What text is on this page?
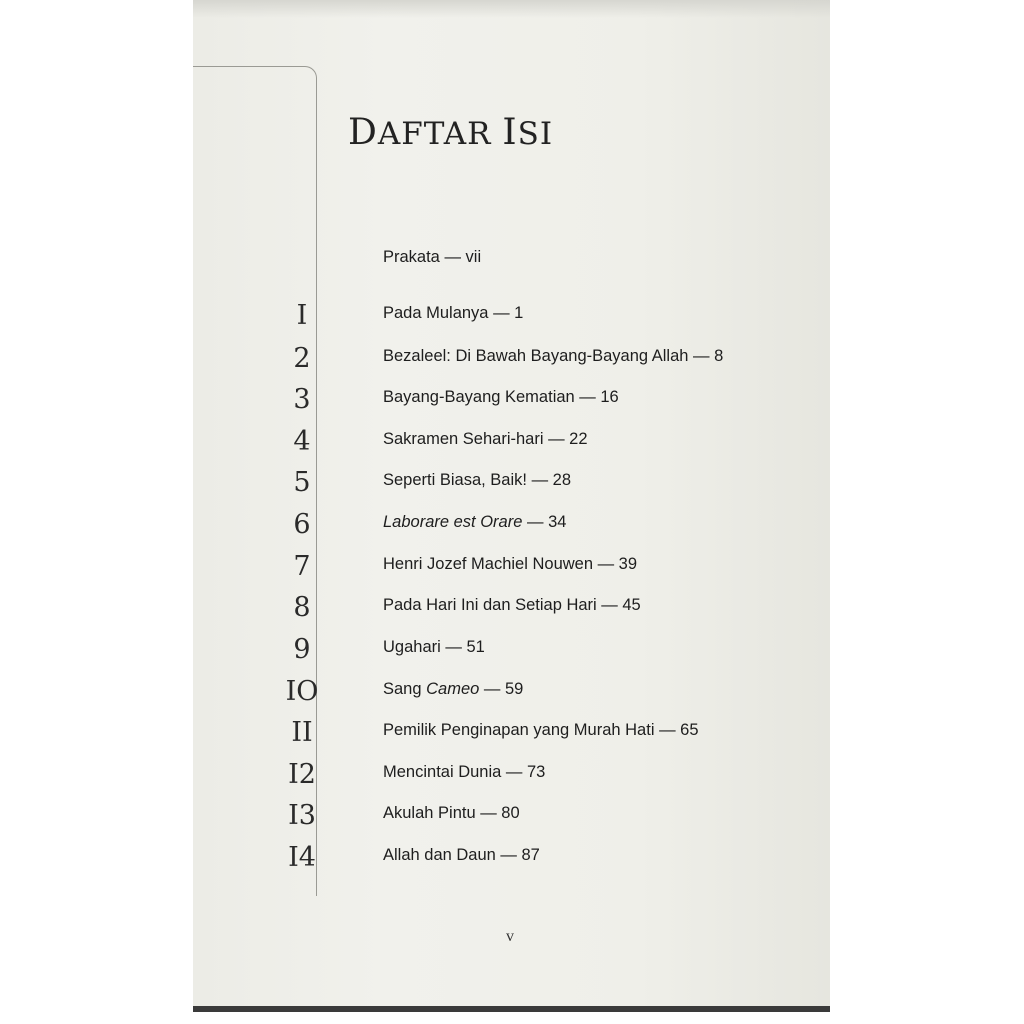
DAFTAR ISI
Prakata — vii
I	Pada Mulanya — 1
2	Bezaleel: Di Bawah Bayang-Bayang Allah — 8
3	Bayang-Bayang Kematian — 16
4	Sakramen Sehari-hari — 22
5	Seperti Biasa, Baik! — 28
6	Laborare est Orare — 34
7	Henri Jozef Machiel Nouwen — 39
8	Pada Hari Ini dan Setiap Hari — 45
9	Ugahari — 51
IO	Sang Cameo — 59
II	Pemilik Penginapan yang Murah Hati — 65
I2	Mencintai Dunia — 73
I3	Akulah Pintu — 80
I4	Allah dan Daun — 87
v
